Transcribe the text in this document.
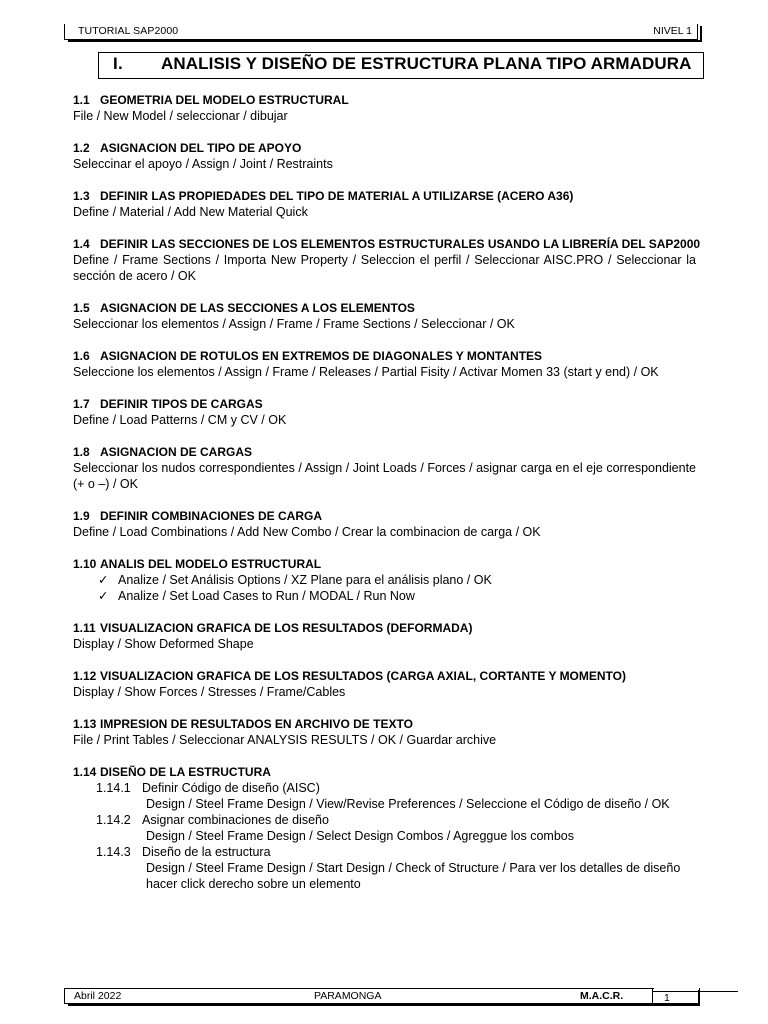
TUTORIAL SAP2000	NIVEL 1
I. ANALISIS Y DISEÑO DE ESTRUCTURA PLANA TIPO ARMADURA
1.1 GEOMETRIA DEL MODELO ESTRUCTURAL
File / New Model / seleccionar / dibujar
1.2 ASIGNACION DEL TIPO DE APOYO
Seleccinar el apoyo / Assign / Joint / Restraints
1.3 DEFINIR LAS PROPIEDADES DEL TIPO DE MATERIAL A UTILIZARSE (ACERO A36)
Define / Material / Add New Material Quick
1.4 DEFINIR LAS SECCIONES DE LOS ELEMENTOS ESTRUCTURALES USANDO LA LIBRERÍA DEL SAP2000
Define / Frame Sections / Importa New Property / Seleccion el perfil / Seleccionar AISC.PRO / Seleccionar la sección de acero / OK
1.5 ASIGNACION DE LAS SECCIONES A LOS ELEMENTOS
Seleccionar los elementos / Assign / Frame / Frame Sections / Seleccionar / OK
1.6 ASIGNACION DE ROTULOS EN EXTREMOS DE DIAGONALES Y MONTANTES
Seleccione los elementos / Assign / Frame / Releases / Partial Fisity / Activar Momen 33 (start y end) / OK
1.7 DEFINIR TIPOS DE CARGAS
Define / Load Patterns / CM y CV / OK
1.8 ASIGNACION DE CARGAS
Seleccionar los nudos correspondientes / Assign / Joint Loads / Forces / asignar carga en el eje correspondiente (+ o –) / OK
1.9 DEFINIR COMBINACIONES DE CARGA
Define / Load Combinations / Add New Combo / Crear la combinacion de carga / OK
1.10 ANALIS DEL MODELO ESTRUCTURAL
✓ Analize / Set Análisis Options / XZ Plane para el análisis plano / OK
✓ Analize / Set Load Cases to Run / MODAL / Run Now
1.11 VISUALIZACION GRAFICA DE LOS RESULTADOS (DEFORMADA)
Display / Show Deformed Shape
1.12 VISUALIZACION GRAFICA DE LOS RESULTADOS (CARGA AXIAL, CORTANTE Y MOMENTO)
Display / Show Forces / Stresses / Frame/Cables
1.13 IMPRESION DE RESULTADOS EN ARCHIVO DE TEXTO
File / Print Tables / Seleccionar ANALYSIS RESULTS / OK / Guardar archive
1.14 DISEÑO DE LA ESTRUCTURA
1.14.1 Definir Código de diseño (AISC)
Design / Steel Frame Design / View/Revise Preferences / Seleccione el Código de diseño / OK
1.14.2 Asignar combinaciones de diseño
Design / Steel Frame Design / Select Design Combos / Agreggue los combos
1.14.3 Diseño de la estructura
Design / Steel Frame Design / Start Design / Check of Structure / Para ver los detalles de diseño hacer click derecho sobre un elemento
Abril 2022	PARAMONGA	M.A.C.R.	1
